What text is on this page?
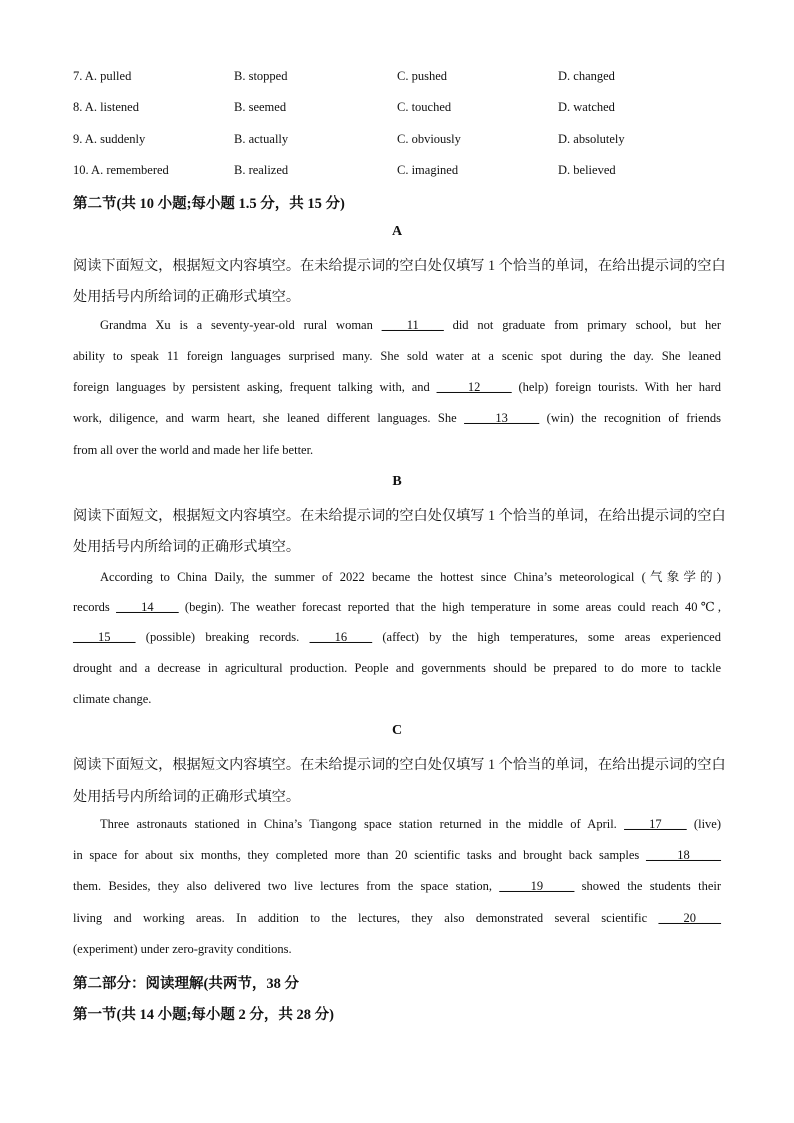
7. A. pulled	B. stopped	C. pushed	D. changed
8. A. listened	B. seemed	C. touched	D. watched
9. A. suddenly	B. actually	C. obviously	D. absolutely
10. A. remembered	B. realized	C. imagined	D. believed
第二节(共 10 小题;每小题 1.5 分，共 15 分)
A
阅读下面短文，根据短文内容填空。在未给提示词的空白处仅填写 1 个恰当的单词，在给出提示词的空白
处用括号内所给词的正确形式填空。
Grandma Xu is a seventy-year-old rural woman ____11____ did not graduate from primary school, but her
ability to speak 11 foreign languages surprised many. She sold water at a scenic spot during the day. She leaned
foreign languages by persistent asking, frequent talking with, and _____12_____ (help) foreign tourists. With her hard
work, diligence, and warm heart, she leaned different languages. She _____13_____ (win) the recognition of friends
from all over the world and made her life better.
B
阅读下面短文，根据短文内容填空。在未给提示词的空白处仅填写 1 个恰当的单词，在给出提示词的空白
处用括号内所给词的正确形式填空。
According to China Daily, the summer of 2022 became the hottest since China’s meteorological (气象学的)
records ____14____ (begin). The weather forecast reported that the high temperature in some areas could reach 40℃,
____15____ (possible) breaking records. ____16____ (affect) by the high temperatures, some areas experienced
drought and a decrease in agricultural production. People and governments should be prepared to do more to tackle
climate change.
C
阅读下面短文，根据短文内容填空。在未给提示词的空白处仅填写 1 个恰当的单词，在给出提示词的空白
处用括号内所给词的正确形式填空。
Three astronauts stationed in China’s Tiangong space station returned in the middle of April. ____17____ (live)
in space for about six months, they completed more than 20 scientific tasks and brought back samples _____18_____
them. Besides, they also delivered two live lectures from the space station, _____19_____ showed the students their
living and working areas. In addition to the lectures, they also demonstrated several scientific ____20____
(experiment) under zero-gravity conditions.
第二部分：阅读理解(共两节，38 分
第一节(共 14 小题;每小题 2 分，共 28 分)
